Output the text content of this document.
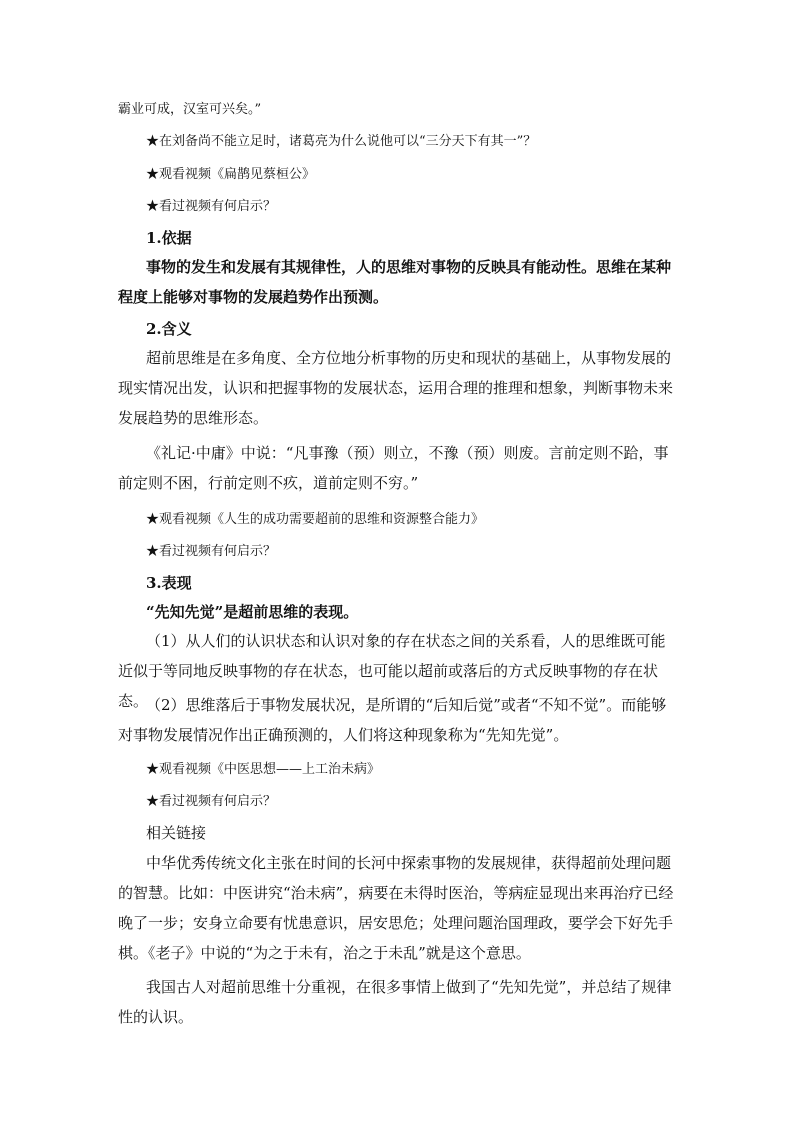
霸业可成，汉室可兴矣。”

★在刘备尚不能立足时，诸葛亮为什么说他可以“三分天下有其一”？

★观看视频《扁鹊见蔡桓公》

★看过视频有何启示？

1.依据

事物的发生和发展有其规律性，人的思维对事物的反映具有能动性。思维在某种程度上能够对事物的发展趋势作出预测。

2.含义

超前思维是在多角度、全方位地分析事物的历史和现状的基础上，从事物发展的现实情况出发，认识和把握事物的发展状态，运用合理的推理和想象，判断事物未来发展趋势的思维形态。

《礼记·中庸》中说：“凡事豫（预）则立，不豫（预）则废。言前定则不跲，事前定则不困，行前定则不疚，道前定则不穷。”

★观看视频《人生的成功需要超前的思维和资源整合能力》

★看过视频有何启示？

3.表现

“先知先觉”是超前思维的表现。

（1）从人们的认识状态和认识对象的存在状态之间的关系看，人的思维既可能近似于等同地反映事物的存在状态，也可能以超前或落后的方式反映事物的存在状态。

（2）思维落后于事物发展状况，是所谓的“后知后觉”或者“不知不觉”。而能够对事物发展情况作出正确预测的，人们将这种现象称为“先知先觉”。

★观看视频《中医思想——上工治未病》

★看过视频有何启示？

相关链接

中华优秀传统文化主张在时间的长河中探索事物的发展规律，获得超前处理问题的智慧。比如：中医讲究“治未病”，病要在未得时医治，等病症显现出来再治疗已经晚了一步；安身立命要有忧患意识，居安思危；处理问题治国理政，要学会下好先手棋。《老子》中说的“为之于未有，治之于未乱”就是这个意思。

我国古人对超前思维十分重视，在很多事情上做到了“先知先觉”，并总结了规律性的认识。
